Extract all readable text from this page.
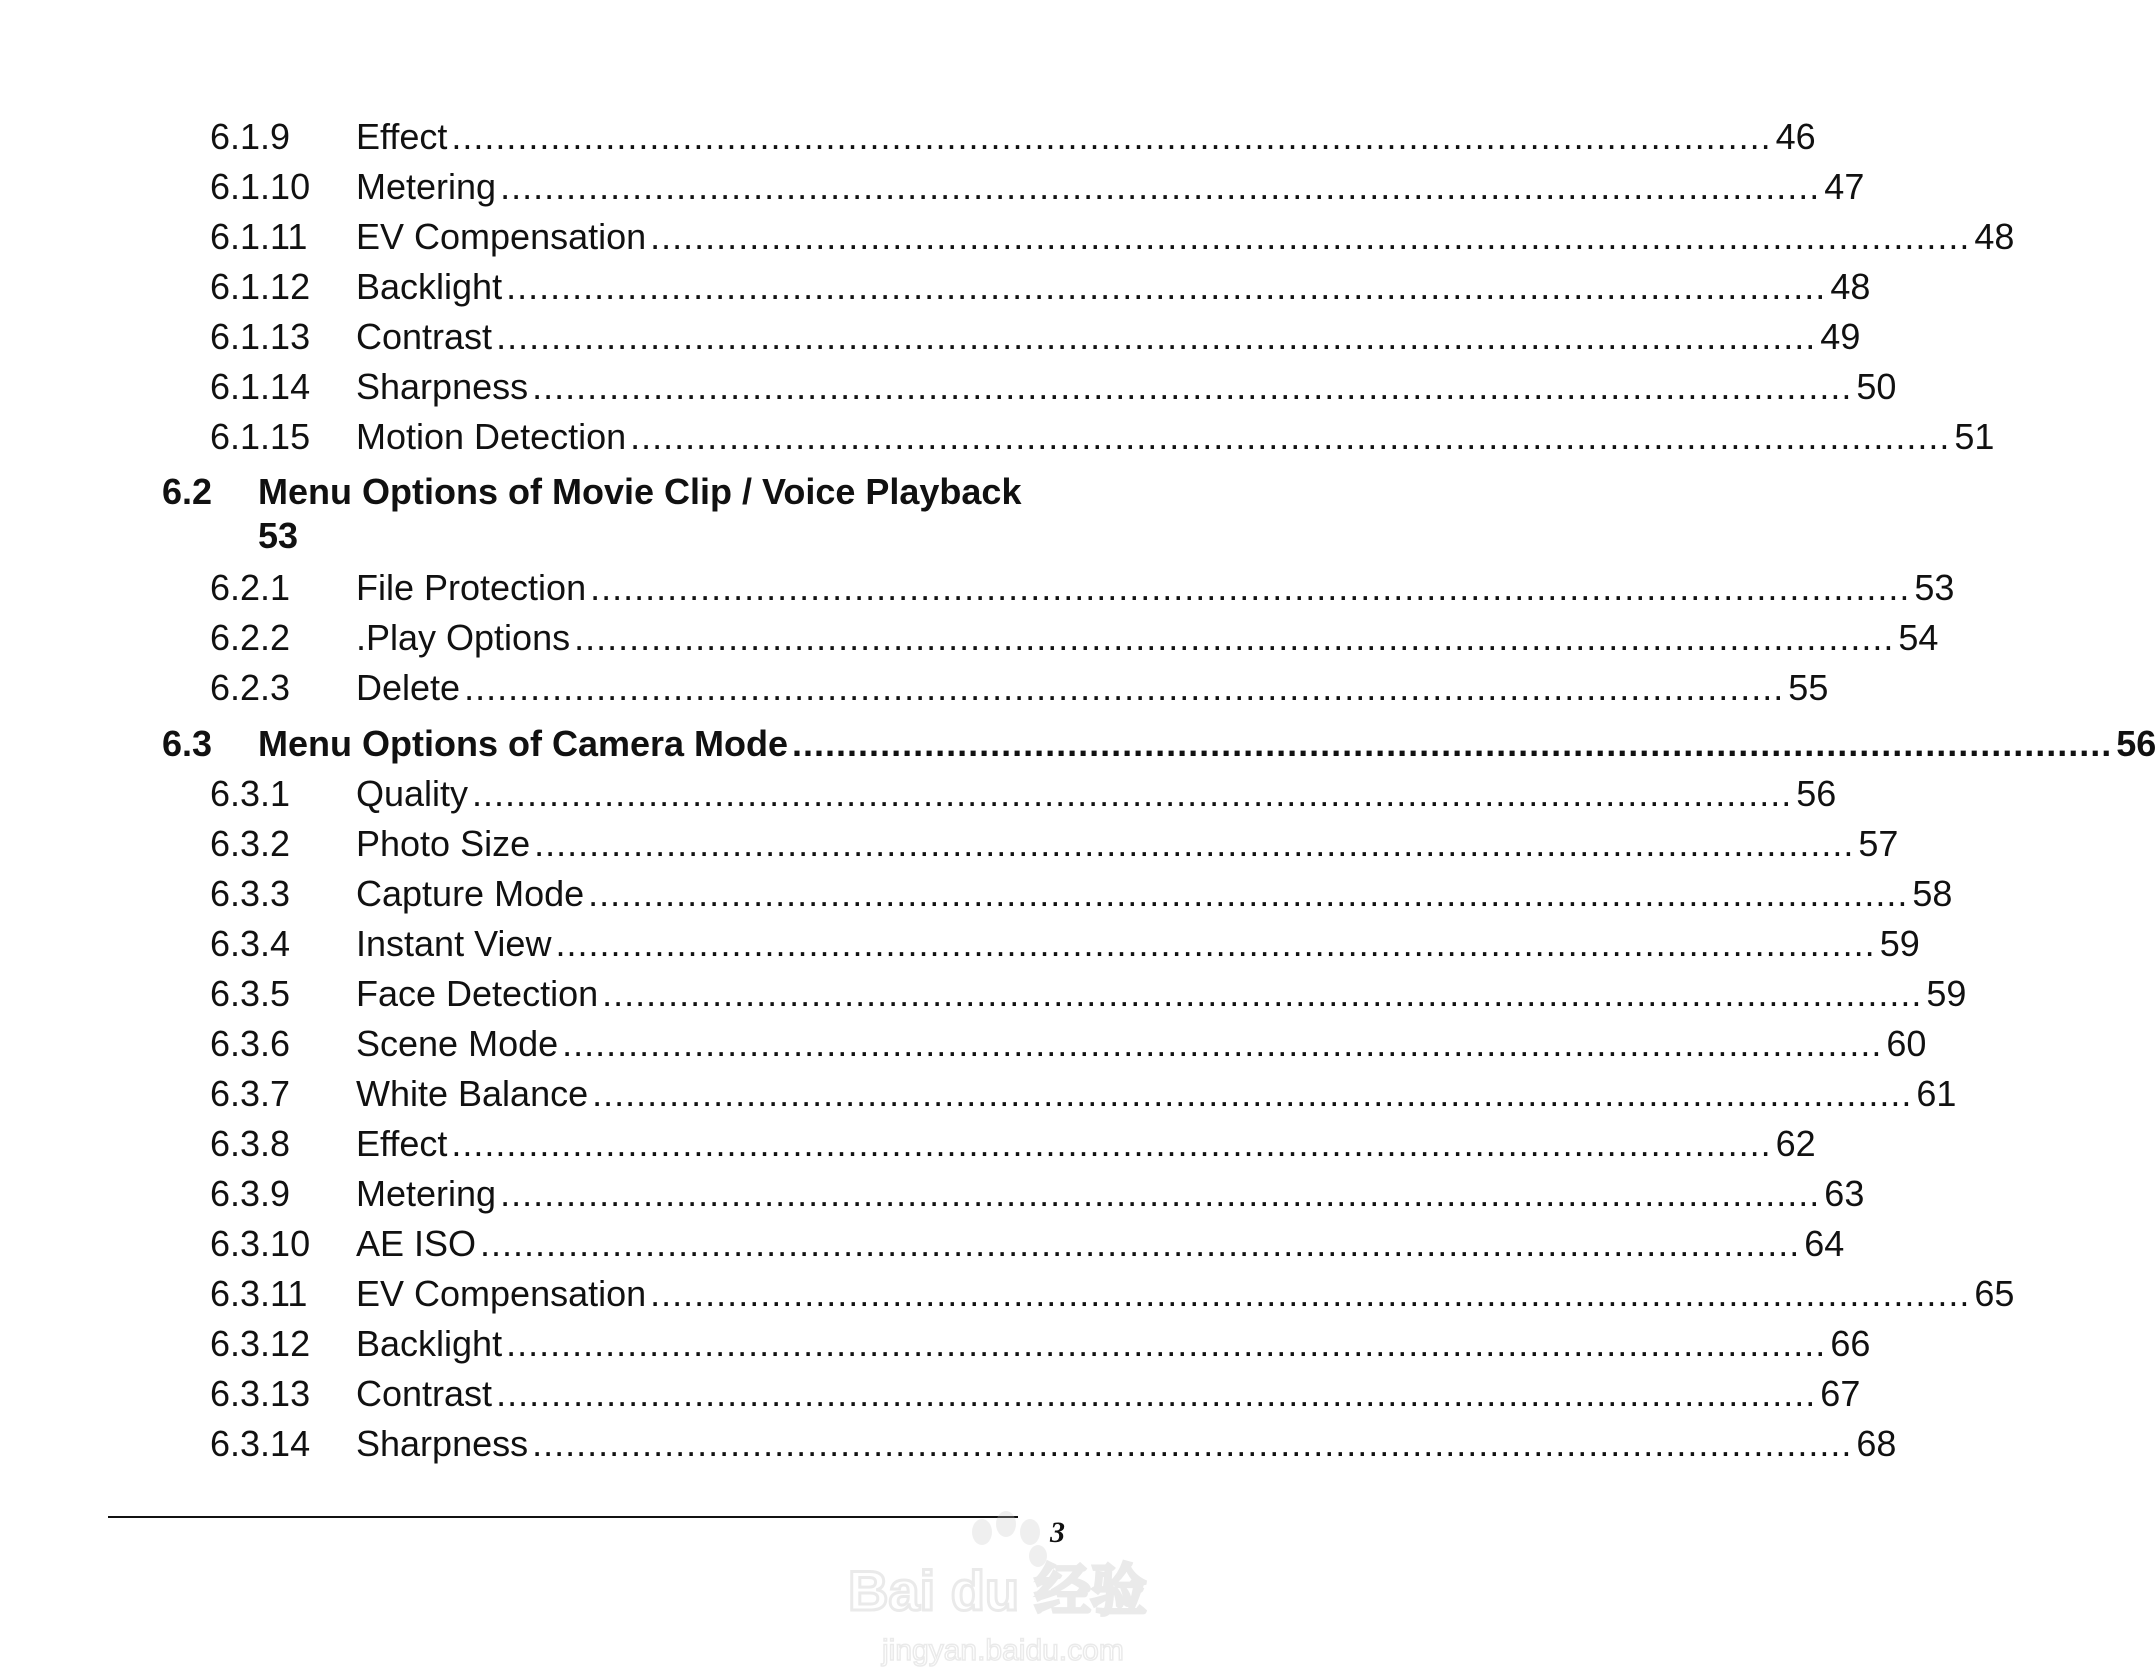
6.1.9 Effect ........................................................................................................................ 46
6.1.10 Metering ........................................................................................................................ 47
6.1.11 EV Compensation ........................................................................................................................ 48
6.1.12 Backlight ........................................................................................................................ 48
6.1.13 Contrast ........................................................................................................................ 49
6.1.14 Sharpness ........................................................................................................................ 50
6.1.15 Motion Detection ........................................................................................................................ 51
6.2 Menu Options of Movie Clip / Voice Playback
53
6.2.1 File Protection ........................................................................................................................ 53
6.2.2 .Play Options ........................................................................................................................ 54
6.2.3 Delete ........................................................................................................................ 55
6.3 Menu Options of Camera Mode ........................................................................................................................ 56
6.3.1 Quality ........................................................................................................................ 56
6.3.2 Photo Size ........................................................................................................................ 57
6.3.3 Capture Mode ........................................................................................................................ 58
6.3.4 Instant View ........................................................................................................................ 59
6.3.5 Face Detection ........................................................................................................................ 59
6.3.6 Scene Mode ........................................................................................................................ 60
6.3.7 White Balance ........................................................................................................................ 61
6.3.8 Effect ........................................................................................................................ 62
6.3.9 Metering ........................................................................................................................ 63
6.3.10 AE ISO ........................................................................................................................ 64
6.3.11 EV Compensation ........................................................................................................................ 65
6.3.12 Backlight ........................................................................................................................ 66
6.3.13 Contrast ........................................................................................................................ 67
6.3.14 Sharpness ........................................................................................................................ 68
3
Bai du 经验
jingyan.baidu.com
